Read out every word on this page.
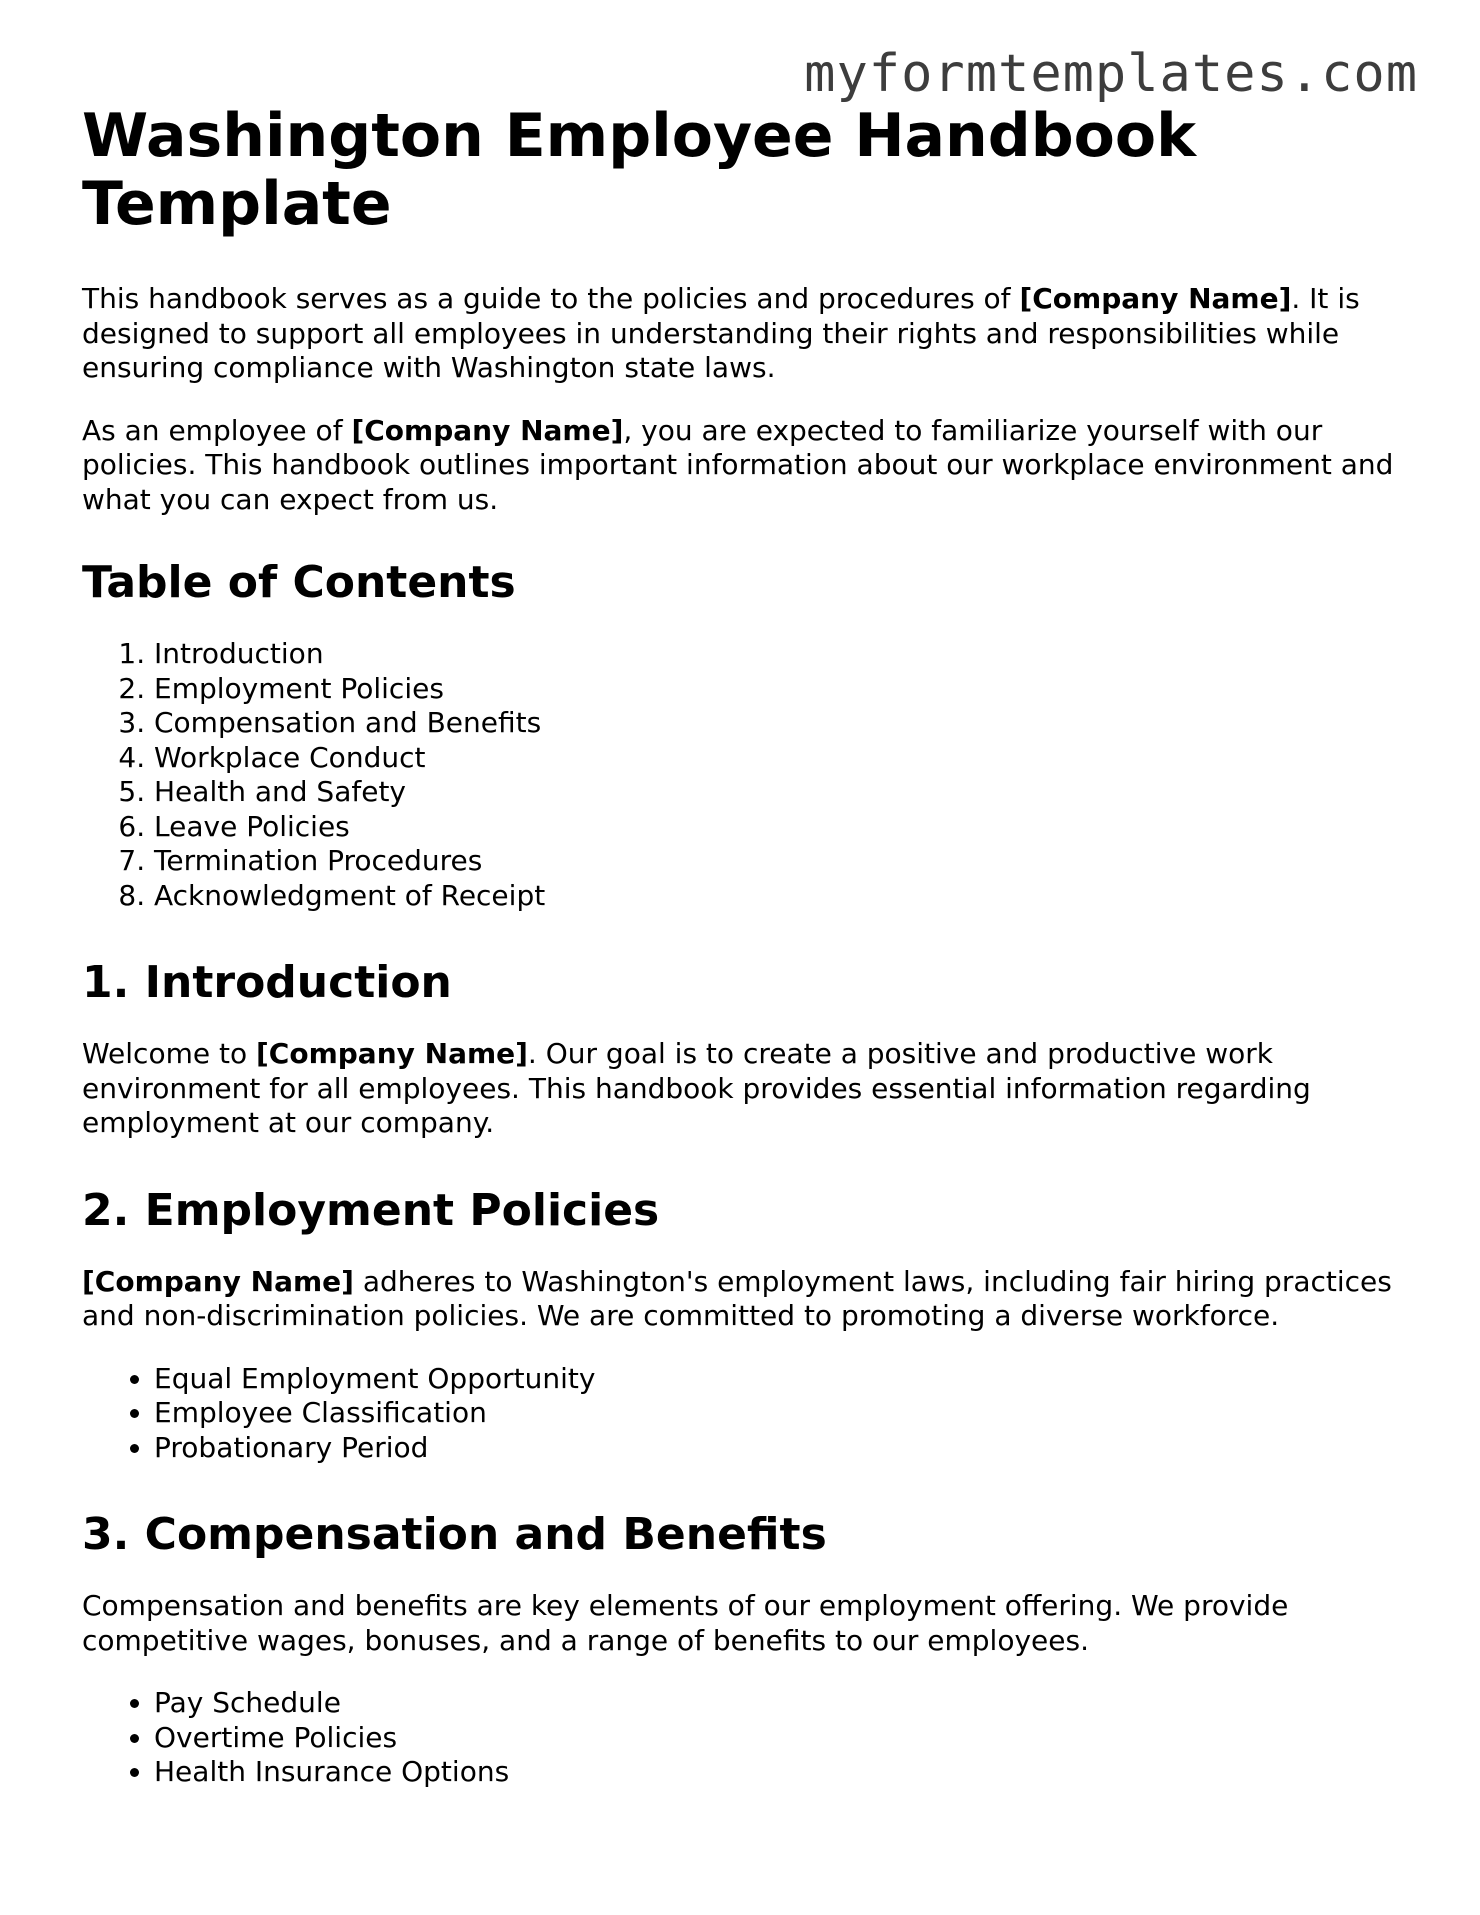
myformtemplates.com
Washington Employee Handbook Template

This handbook serves as a guide to the policies and procedures of [Company Name]. It is designed to support all employees in understanding their rights and responsibilities while ensuring compliance with Washington state laws.

As an employee of [Company Name], you are expected to familiarize yourself with our policies. This handbook outlines important information about our workplace environment and what you can expect from us.

Table of Contents
1. Introduction
2. Employment Policies
3. Compensation and Benefits
4. Workplace Conduct
5. Health and Safety
6. Leave Policies
7. Termination Procedures
8. Acknowledgment of Receipt
1. Introduction

Welcome to [Company Name]. Our goal is to create a positive and productive work environment for all employees. This handbook provides essential information regarding employment at our company.

2. Employment Policies

[Company Name] adheres to Washington's employment laws, including fair hiring practices and non-discrimination policies. We are committed to promoting a diverse workforce.

• Equal Employment Opportunity
• Employee Classification
• Probationary Period
3. Compensation and Benefits

Compensation and benefits are key elements of our employment offering. We provide competitive wages, bonuses, and a range of benefits to our employees.

• Pay Schedule
• Overtime Policies
• Health Insurance Options
